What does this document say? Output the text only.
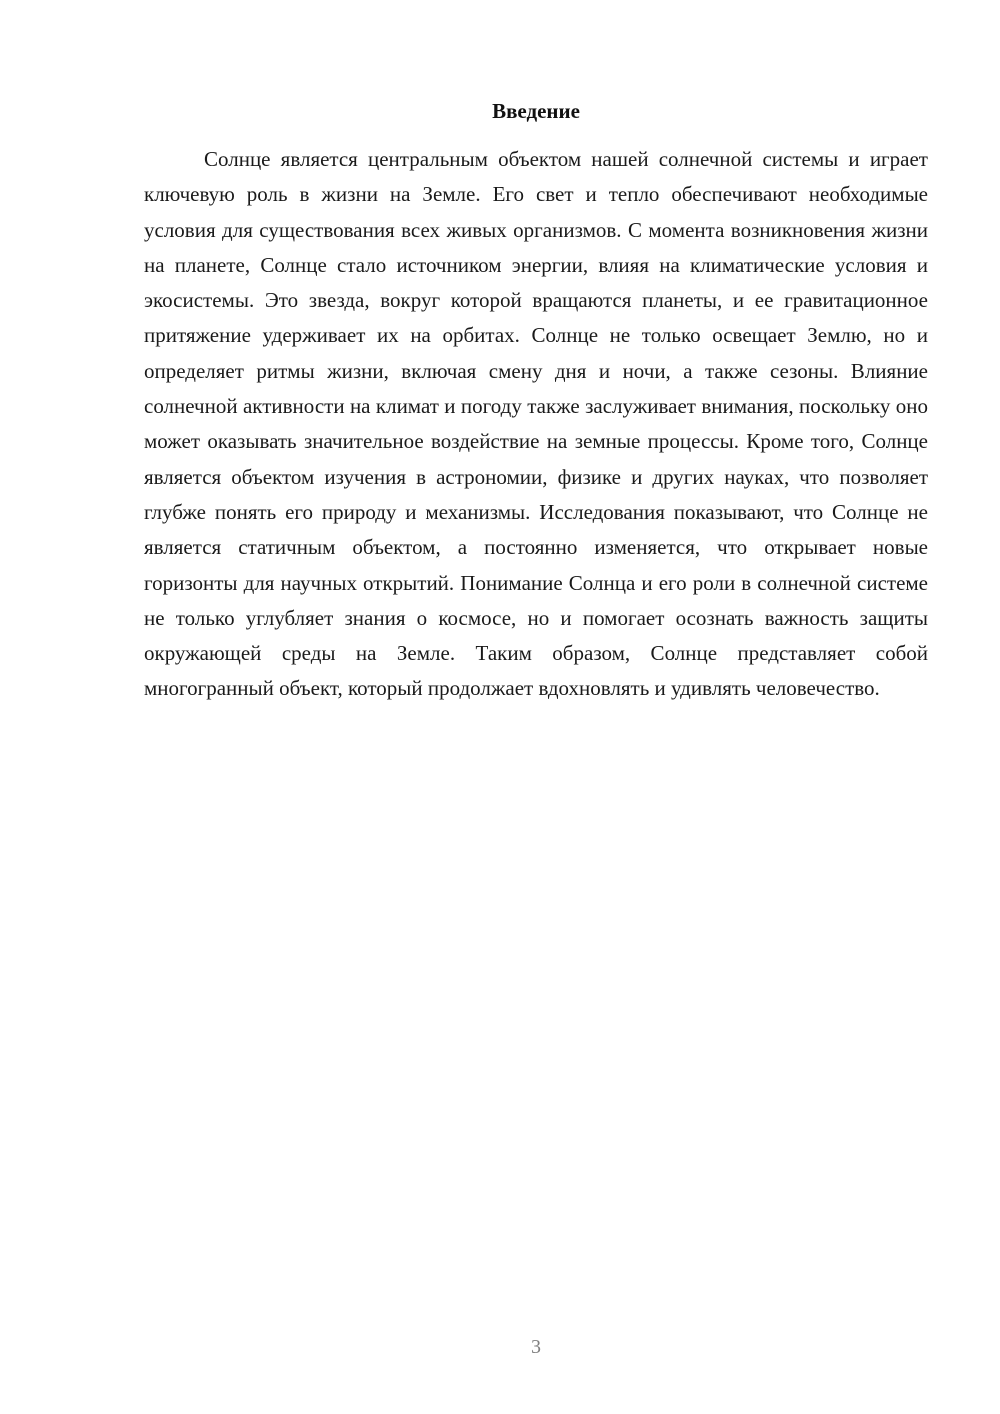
Введение

Солнце является центральным объектом нашей солнечной системы и играет ключевую роль в жизни на Земле. Его свет и тепло обеспечивают необходимые условия для существования всех живых организмов. С момента возникновения жизни на планете, Солнце стало источником энергии, влияя на климатические условия и экосистемы. Это звезда, вокруг которой вращаются планеты, и ее гравитационное притяжение удерживает их на орбитах. Солнце не только освещает Землю, но и определяет ритмы жизни, включая смену дня и ночи, а также сезоны. Влияние солнечной активности на климат и погоду также заслуживает внимания, поскольку оно может оказывать значительное воздействие на земные процессы. Кроме того, Солнце является объектом изучения в астрономии, физике и других науках, что позволяет глубже понять его природу и механизмы. Исследования показывают, что Солнце не является статичным объектом, а постоянно изменяется, что открывает новые горизонты для научных открытий. Понимание Солнца и его роли в солнечной системе не только углубляет знания о космосе, но и помогает осознать важность защиты окружающей среды на Земле. Таким образом, Солнце представляет собой многогранный объект, который продолжает вдохновлять и удивлять человечество.

3
